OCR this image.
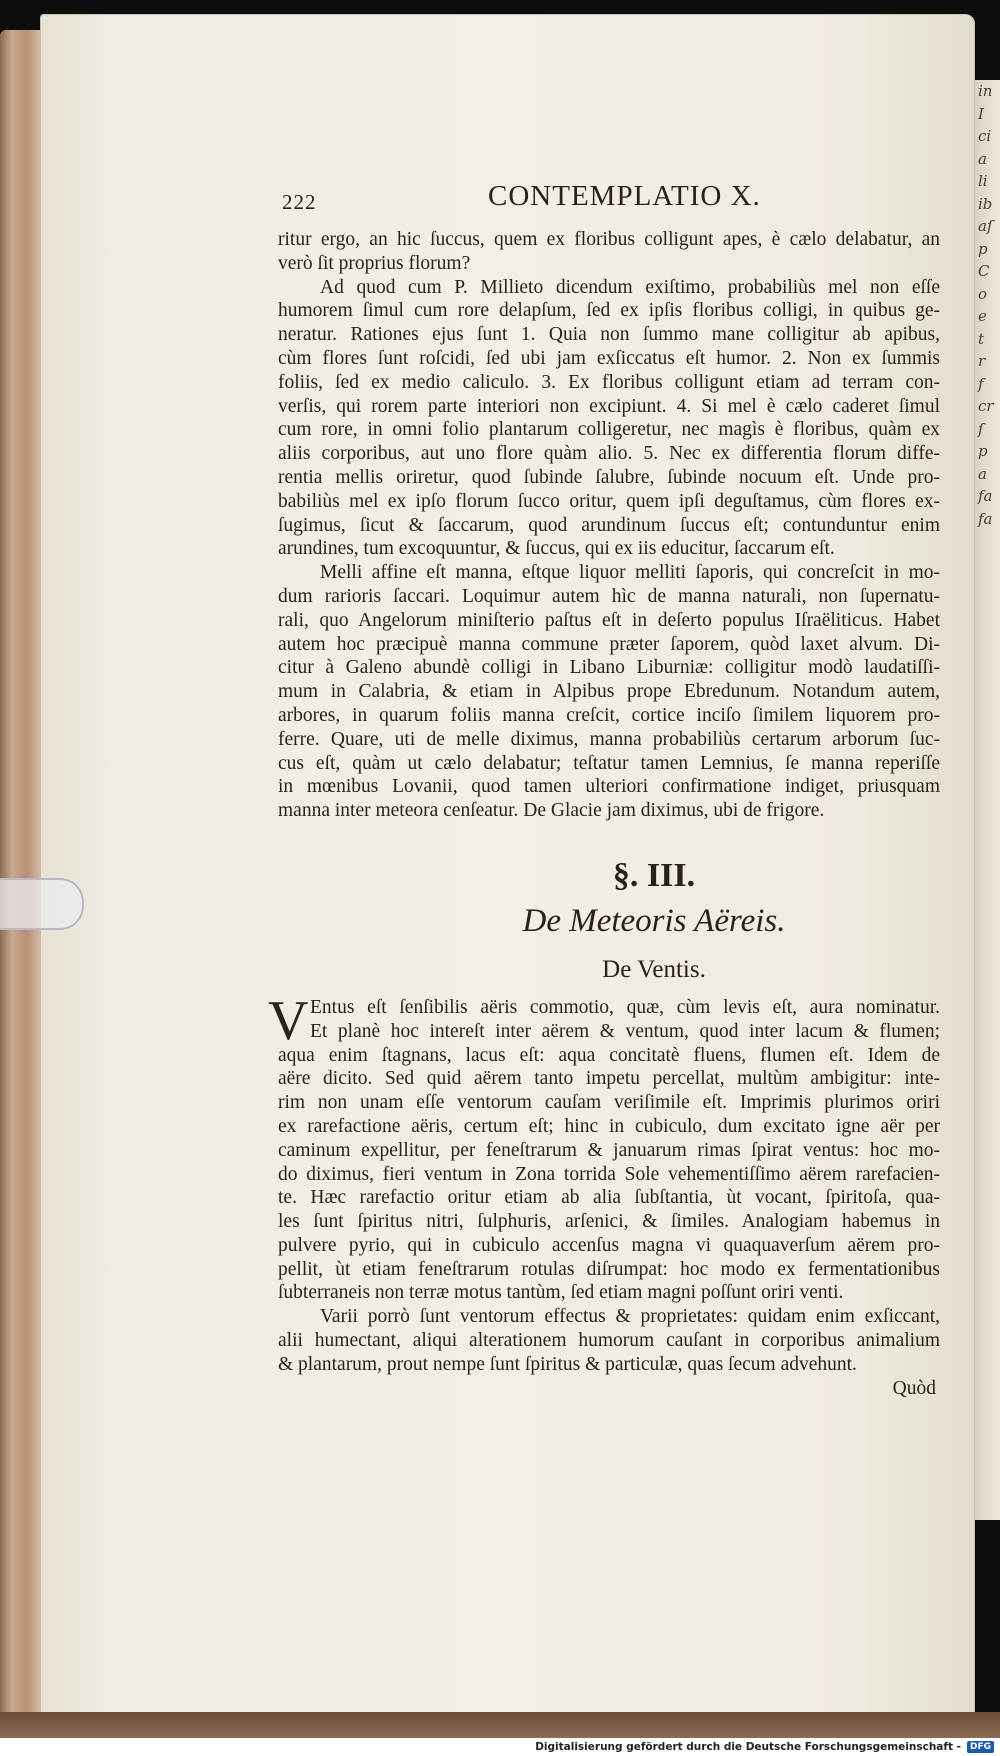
in
I
ci
a
li
ib
aſ
p
C
o
e
t
r
f
cr
ſ
p
a
fa
fa
222	CONTEMPLATIO X.
ritur ergo, an hic ſuccus, quem ex floribus colligunt apes, è cælo delabatur, an
verò ſit proprius florum?
Ad quod cum P. Millieto dicendum exiſtimo, probabiliùs mel non eſſe
humorem ſimul cum rore delapſum, ſed ex ipſis floribus colligi, in quibus ge-
neratur. Rationes ejus ſunt 1. Quia non ſummo mane colligitur ab apibus,
cùm flores ſunt roſcidi, ſed ubi jam exſiccatus eſt humor. 2. Non ex ſummis
foliis, ſed ex medio caliculo. 3. Ex floribus colligunt etiam ad terram con-
verſis, qui rorem parte interiori non excipiunt. 4. Si mel è cælo caderet ſimul
cum rore, in omni folio plantarum colligeretur, nec magìs è floribus, quàm ex
aliis corporibus, aut uno flore quàm alio. 5. Nec ex differentia florum diffe-
rentia mellis oriretur, quod ſubinde ſalubre, ſubinde nocuum eſt. Unde pro-
babiliùs mel ex ipſo florum ſucco oritur, quem ipſi deguſtamus, cùm flores ex-
ſugimus, ſicut & ſaccarum, quod arundinum ſuccus eſt; contunduntur enim
arundines, tum excoquuntur, & ſuccus, qui ex iis educitur, ſaccarum eſt.
Melli affine eſt manna, eſtque liquor melliti ſaporis, qui concreſcit in mo-
dum rarioris ſaccari. Loquimur autem hìc de manna naturali, non ſupernatu-
rali, quo Angelorum miniſterio paſtus eſt in deſerto populus Iſraëliticus. Habet
autem hoc præcipuè manna commune præter ſaporem, quòd laxet alvum. Di-
citur à Galeno abundè colligi in Libano Liburniæ: colligitur modò laudatiſſi-
mum in Calabria, & etiam in Alpibus prope Ebredunum. Notandum autem,
arbores, in quarum foliis manna creſcit, cortice inciſo ſimilem liquorem pro-
ferre. Quare, uti de melle diximus, manna probabiliùs certarum arborum ſuc-
cus eſt, quàm ut cælo delabatur; teſtatur tamen Lemnius, ſe manna reperiſſe
in mœnibus Lovanii, quod tamen ulteriori confirmatione indiget, priusquam
manna inter meteora cenſeatur. De Glacie jam diximus, ubi de frigore.
§. III.
De Meteoris Aëreis.
De Ventis.
V Entus eſt ſenſibilis aëris commotio, quæ, cùm levis eſt, aura nominatur.
Et planè hoc intereſt inter aërem & ventum, quod inter lacum & flumen;
aqua enim ſtagnans, lacus eſt: aqua concitatè fluens, flumen eſt. Idem de
aëre dicito. Sed quid aërem tanto impetu percellat, multùm ambigitur: inte-
rim non unam eſſe ventorum cauſam veriſimile eſt. Imprimis plurimos oriri
ex rarefactione aëris, certum eſt; hinc in cubiculo, dum excitato igne aër per
caminum expellitur, per feneſtrarum & januarum rimas ſpirat ventus: hoc mo-
do diximus, fieri ventum in Zona torrida Sole vehementiſſimo aërem rarefacien-
te. Hæc rarefactio oritur etiam ab alia ſubſtantia, ùt vocant, ſpiritoſa, qua-
les ſunt ſpiritus nitri, ſulphuris, arſenici, & ſimiles. Analogiam habemus in
pulvere pyrio, qui in cubiculo accenſus magna vi quaquaverſum aërem pro-
pellit, ùt etiam feneſtrarum rotulas diſrumpat: hoc modo ex fermentationibus
ſubterraneis non terræ motus tantùm, ſed etiam magni poſſunt oriri venti.
Varii porrò ſunt ventorum effectus & proprietates: quidam enim exſiccant,
alii humectant, aliqui alterationem humorum cauſant in corporibus animalium
& plantarum, prout nempe ſunt ſpiritus & particulæ, quas ſecum advehunt.
Quòd
Digitalisierung gefördert durch die Deutsche Forschungsgemeinschaft -	DFG
